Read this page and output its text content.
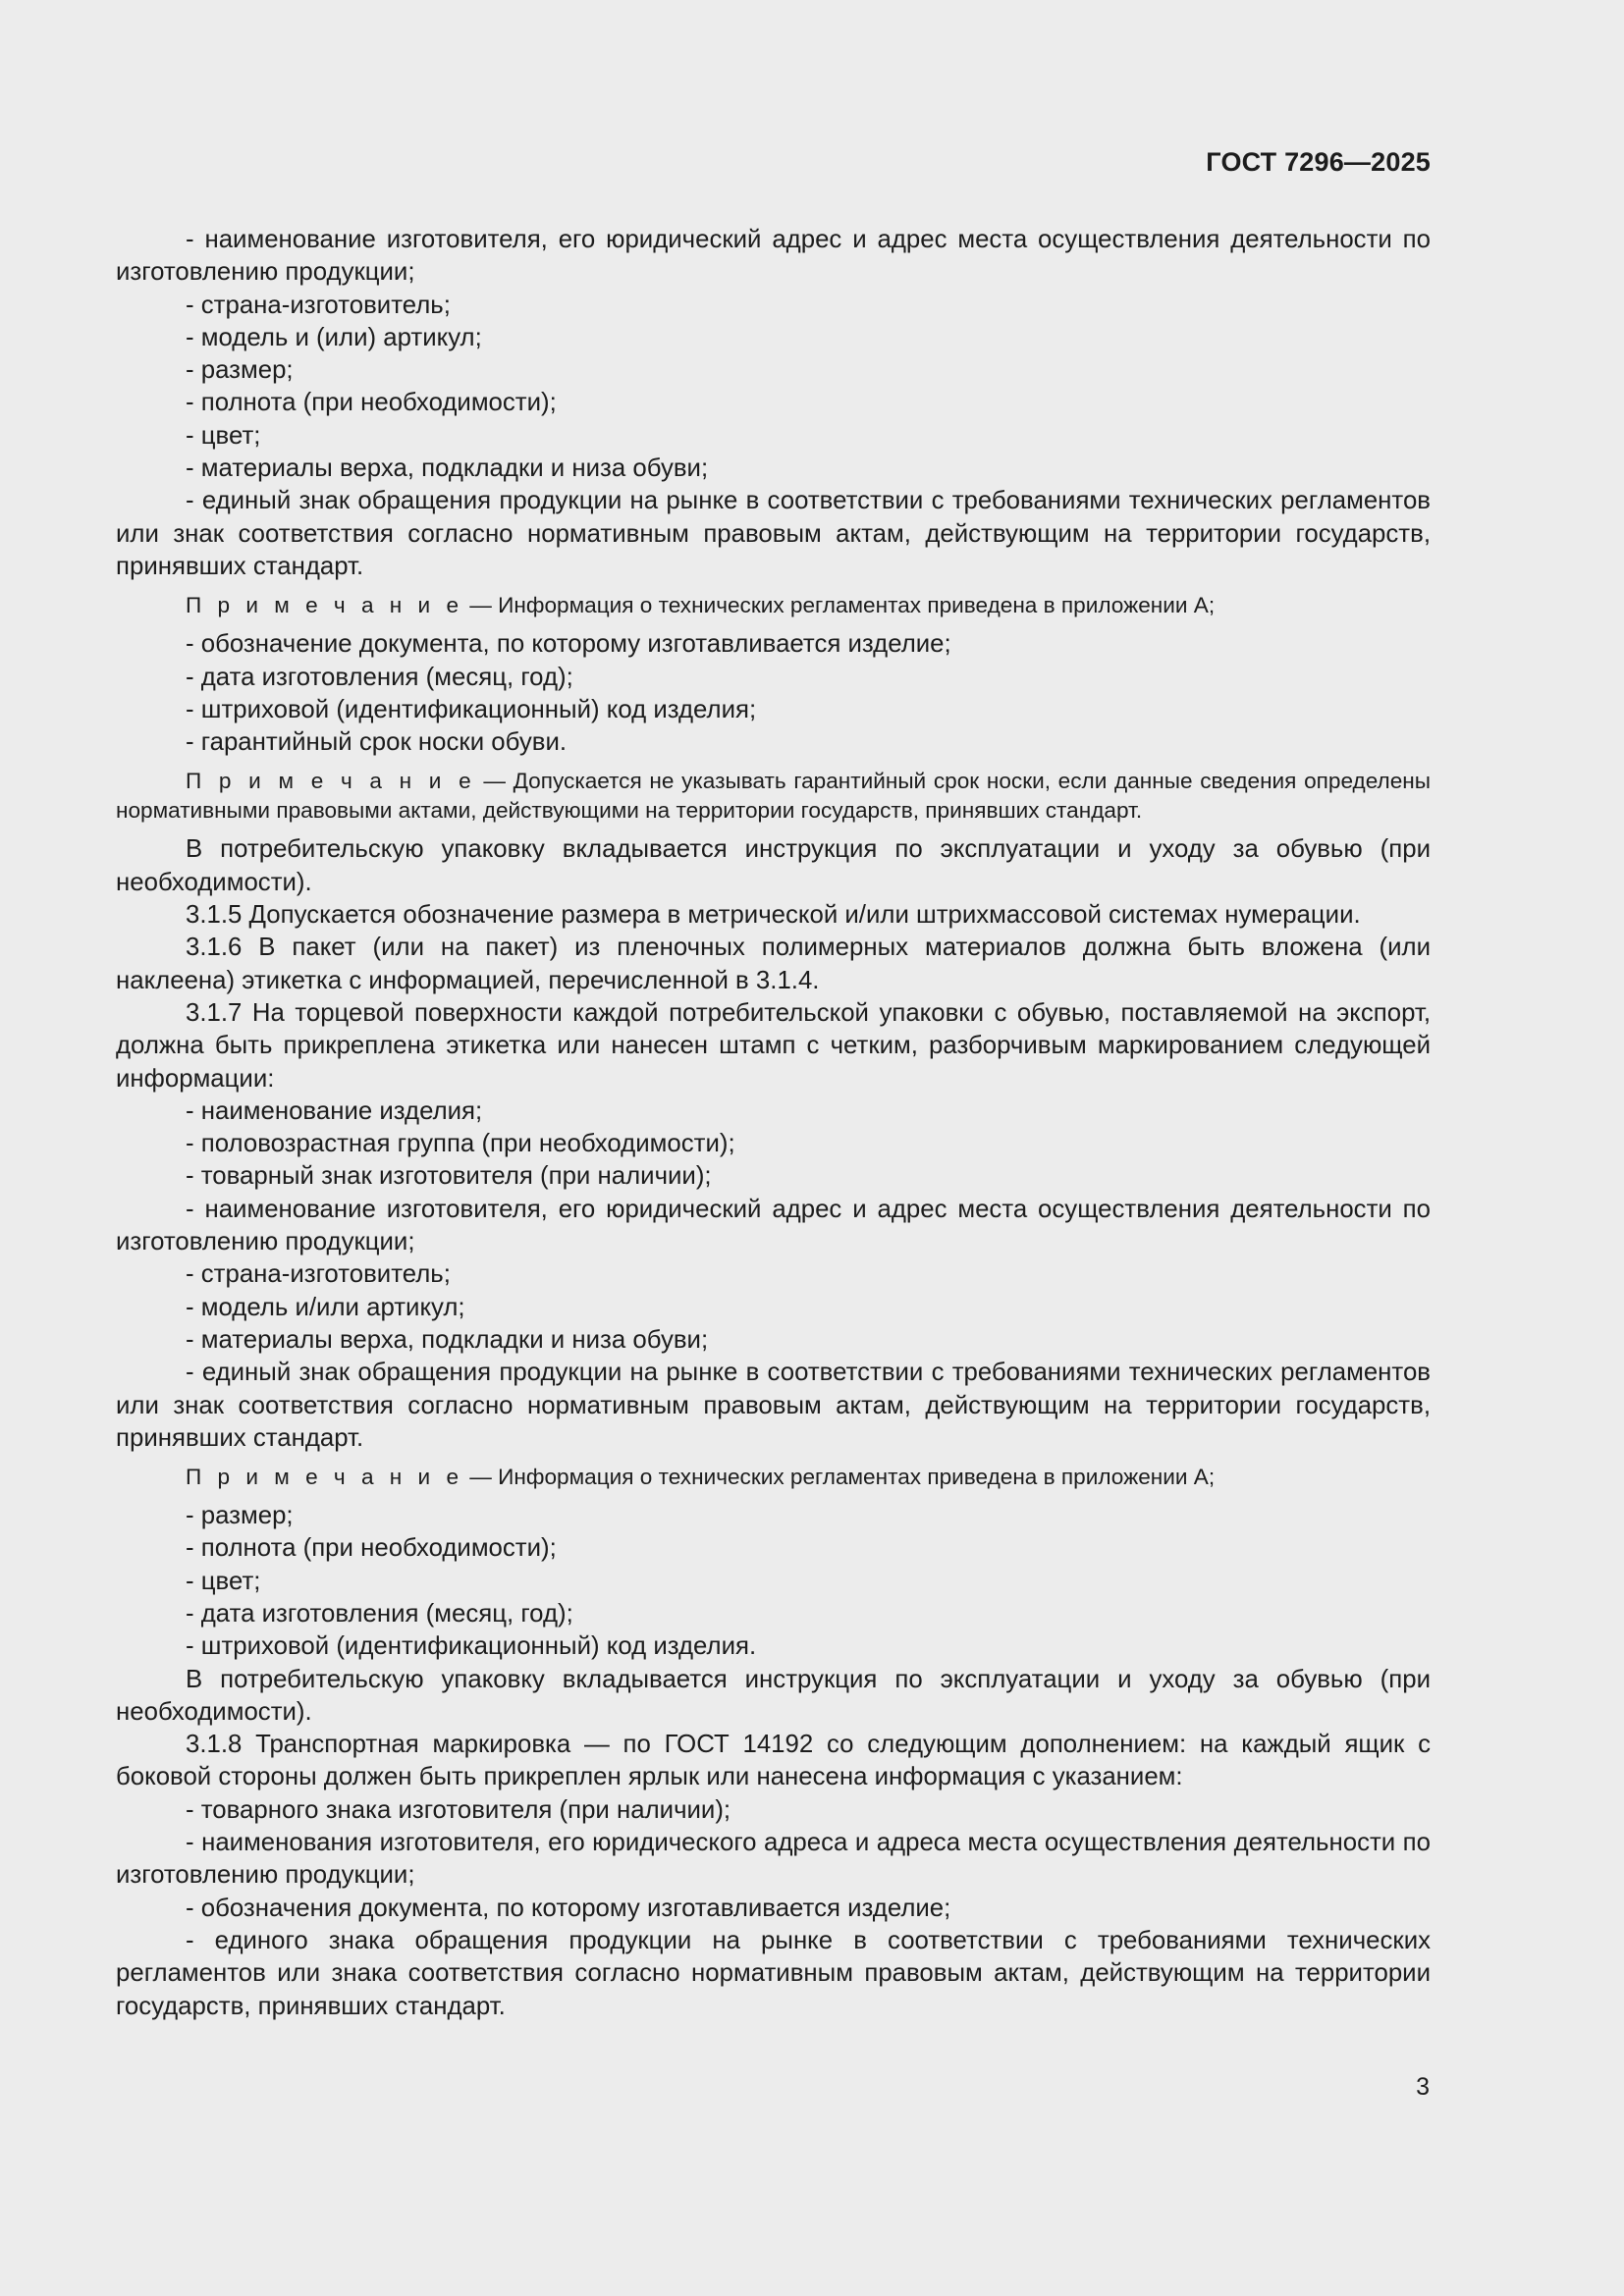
ГОСТ 7296—2025
- наименование изготовителя, его юридический адрес и адрес места осуществления деятельности по изготовлению продукции;
- страна-изготовитель;
- модель и (или) артикул;
- размер;
- полнота (при необходимости);
- цвет;
- материалы верха, подкладки и низа обуви;
- единый знак обращения продукции на рынке в соответствии с требованиями технических регламентов или знак соответствия согласно нормативным правовым актам, действующим на территории государств, принявших стандарт.
П р и м е ч а н и е — Информация о технических регламентах приведена в приложении А;
- обозначение документа, по которому изготавливается изделие;
- дата изготовления (месяц, год);
- штриховой (идентификационный) код изделия;
- гарантийный срок носки обуви.
П р и м е ч а н и е — Допускается не указывать гарантийный срок носки, если данные сведения определены нормативными правовыми актами, действующими на территории государств, принявших стандарт.
В потребительскую упаковку вкладывается инструкция по эксплуатации и уходу за обувью (при необходимости).
3.1.5 Допускается обозначение размера в метрической и/или штрихмассовой системах нумерации.
3.1.6 В пакет (или на пакет) из пленочных полимерных материалов должна быть вложена (или наклеена) этикетка с информацией, перечисленной в 3.1.4.
3.1.7 На торцевой поверхности каждой потребительской упаковки с обувью, поставляемой на экспорт, должна быть прикреплена этикетка или нанесен штамп с четким, разборчивым маркированием следующей информации:
- наименование изделия;
- половозрастная группа (при необходимости);
- товарный знак изготовителя (при наличии);
- наименование изготовителя, его юридический адрес и адрес места осуществления деятельности по изготовлению продукции;
- страна-изготовитель;
- модель и/или артикул;
- материалы верха, подкладки и низа обуви;
- единый знак обращения продукции на рынке в соответствии с требованиями технических регламентов или знак соответствия согласно нормативным правовым актам, действующим на территории государств, принявших стандарт.
П р и м е ч а н и е — Информация о технических регламентах приведена в приложении А;
- размер;
- полнота (при необходимости);
- цвет;
- дата изготовления (месяц, год);
- штриховой (идентификационный) код изделия.
В потребительскую упаковку вкладывается инструкция по эксплуатации и уходу за обувью (при необходимости).
3.1.8 Транспортная маркировка — по ГОСТ 14192 со следующим дополнением: на каждый ящик с боковой стороны должен быть прикреплен ярлык или нанесена информация с указанием:
- товарного знака изготовителя (при наличии);
- наименования изготовителя, его юридического адреса и адреса места осуществления деятельности по изготовлению продукции;
- обозначения документа, по которому изготавливается изделие;
- единого знака обращения продукции на рынке в соответствии с требованиями технических регламентов или знака соответствия согласно нормативным правовым актам, действующим на территории государств, принявших стандарт.
3
